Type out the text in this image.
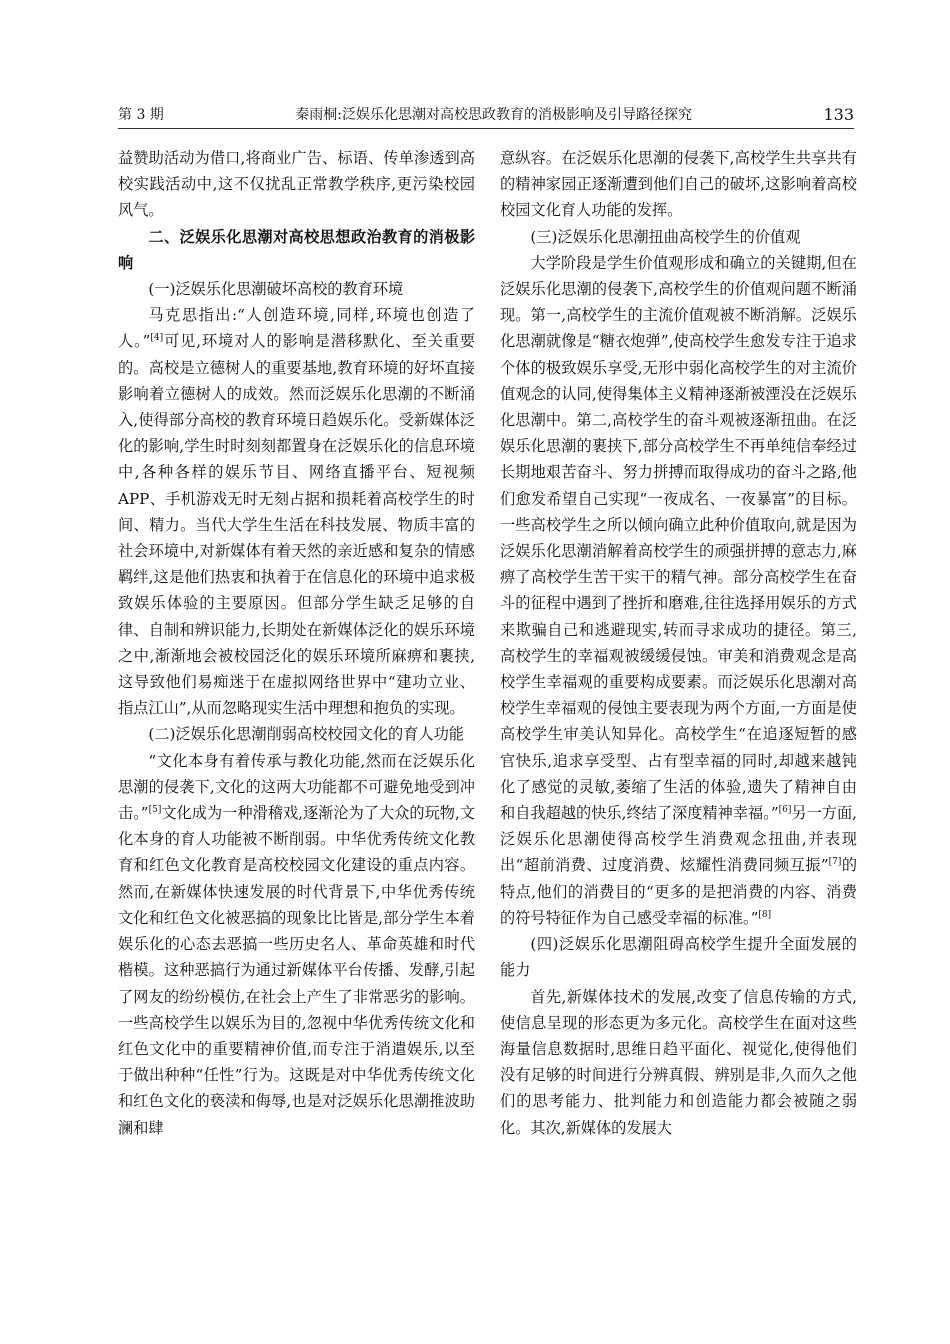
第 3 期	秦雨桐:泛娱乐化思潮对高校思政教育的消极影响及引导路径探究	133

益赞助活动为借口,将商业广告、标语、传单渗透到高校实践活动中,这不仅扰乱正常教学秩序,更污染校园风气。

二、泛娱乐化思潮对高校思想政治教育的消极影响
(一)泛娱乐化思潮破坏高校的教育环境

马克思指出:“人创造环境,同样,环境也创造了人。”[4]可见,环境对人的影响是潜移默化、至关重要的。高校是立德树人的重要基地,教育环境的好坏直接影响着立德树人的成效。然而泛娱乐化思潮的不断涌入,使得部分高校的教育环境日趋娱乐化。受新媒体泛化的影响,学生时时刻刻都置身在泛娱乐化的信息环境中,各种各样的娱乐节目、网络直播平台、短视频 APP、手机游戏无时无刻占据和损耗着高校学生的时间、精力。当代大学生生活在科技发展、物质丰富的社会环境中,对新媒体有着天然的亲近感和复杂的情感羁绊,这是他们热衷和执着于在信息化的环境中追求极致娱乐体验的主要原因。但部分学生缺乏足够的自律、自制和辨识能力,长期处在新媒体泛化的娱乐环境之中,渐渐地会被校园泛化的娱乐环境所麻痹和裹挟,这导致他们易痴迷于在虚拟网络世界中“建功立业、指点江山”,从而忽略现实生活中理想和抱负的实现。

(二)泛娱乐化思潮削弱高校校园文化的育人功能

“文化本身有着传承与教化功能,然而在泛娱乐化思潮的侵袭下,文化的这两大功能都不可避免地受到冲击。”[5]文化成为一种滑稽戏,逐渐沦为了大众的玩物,文化本身的育人功能被不断削弱。中华优秀传统文化教育和红色文化教育是高校校园文化建设的重点内容。然而,在新媒体快速发展的时代背景下,中华优秀传统文化和红色文化被恶搞的现象比比皆是,部分学生本着娱乐化的心态去恶搞一些历史名人、革命英雄和时代楷模。这种恶搞行为通过新媒体平台传播、发酵,引起了网友的纷纷模仿,在社会上产生了非常恶劣的影响。一些高校学生以娱乐为目的,忽视中华优秀传统文化和红色文化中的重要精神价值,而专注于消遣娱乐,以至于做出种种“任性”行为。这既是对中华优秀传统文化和红色文化的亵渎和侮辱,也是对泛娱乐化思潮推波助澜和肆

意纵容。在泛娱乐化思潮的侵袭下,高校学生共享共有的精神家园正逐渐遭到他们自己的破坏,这影响着高校校园文化育人功能的发挥。

(三)泛娱乐化思潮扭曲高校学生的价值观

大学阶段是学生价值观形成和确立的关键期,但在泛娱乐化思潮的侵袭下,高校学生的价值观问题不断涌现。第一,高校学生的主流价值观被不断消解。泛娱乐化思潮就像是“糖衣炮弹”,使高校学生愈发专注于追求个体的极致娱乐享受,无形中弱化高校学生的对主流价值观念的认同,使得集体主义精神逐渐被湮没在泛娱乐化思潮中。第二,高校学生的奋斗观被逐渐扭曲。在泛娱乐化思潮的裹挟下,部分高校学生不再单纯信奉经过长期地艰苦奋斗、努力拼搏而取得成功的奋斗之路,他们愈发希望自己实现“一夜成名、一夜暴富”的目标。一些高校学生之所以倾向确立此种价值取向,就是因为泛娱乐化思潮消解着高校学生的顽强拼搏的意志力,麻痹了高校学生苦干实干的精气神。部分高校学生在奋斗的征程中遇到了挫折和磨难,往往选择用娱乐的方式来欺骗自己和逃避现实,转而寻求成功的捷径。第三,高校学生的幸福观被缓缓侵蚀。审美和消费观念是高校学生幸福观的重要构成要素。而泛娱乐化思潮对高校学生幸福观的侵蚀主要表现为两个方面,一方面是使高校学生审美认知异化。高校学生“在追逐短暂的感官快乐,追求享受型、占有型幸福的同时,却越来越钝化了感觉的灵敏,萎缩了生活的体验,遗失了精神自由和自我超越的快乐,终结了深度精神幸福。”[6]另一方面,泛娱乐化思潮使得高校学生消费观念扭曲,并表现出“超前消费、过度消费、炫耀性消费同频互振”[7]的特点,他们的消费目的“更多的是把消费的内容、消费的符号特征作为自己感受幸福的标准。”[8]

(四)泛娱乐化思潮阻碍高校学生提升全面发展的能力

首先,新媒体技术的发展,改变了信息传输的方式,使信息呈现的形态更为多元化。高校学生在面对这些海量信息数据时,思维日趋平面化、视觉化,使得他们没有足够的时间进行分辨真假、辨别是非,久而久之他们的思考能力、批判能力和创造能力都会被随之弱化。其次,新媒体的发展大
